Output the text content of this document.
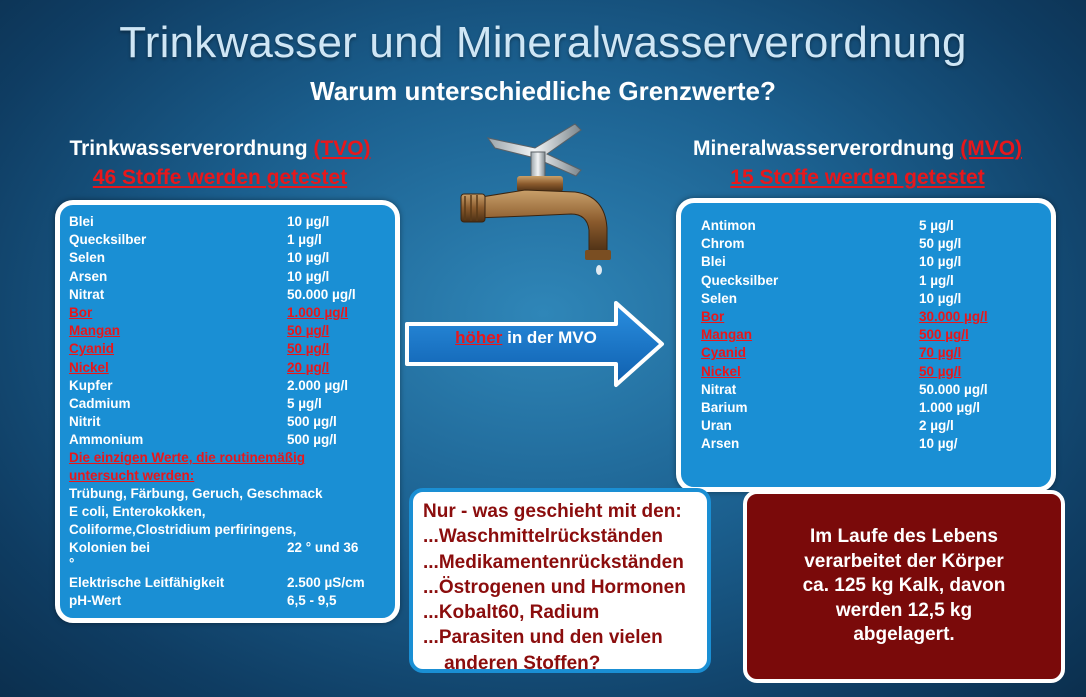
Trinkwasser und Mineralwasserverordnung
Warum unterschiedliche Grenzwerte?
Trinkwasserverordnung (TVO)
46 Stoffe werden getestet
Mineralwasserverordnung (MVO)
15 Stoffe werden getestet
Blei	10 µg/l
Quecksilber	1 µg/l
Selen	10 µg/l
Arsen	10 µg/l
Nitrat	50.000 µg/l
Bor	1.000 µg/l
Mangan	50 µg/l
Cyanid	50 µg/l
Nickel	20 µg/l
Kupfer	2.000 µg/l
Cadmium	5 µg/l
Nitrit	500 µg/l
Ammonium	500 µg/l
Die einzigen Werte, die routinemäßig
untersucht werden:
Trübung, Färbung, Geruch, Geschmack
E coli, Enterokokken,
Coliforme,Clostridium perfiringens,
Kolonien bei	22 ° und 36
°
Elektrische Leitfähigkeit	2.500 µS/cm
pH-Wert	6,5 - 9,5
Antimon	5 µg/l
Chrom	50 µg/l
Blei	10 µg/l
Quecksilber	1 µg/l
Selen	10 µg/l
Bor	30.000 µg/l
Mangan	500 µg/l
Cyanid	70 µg/l
Nickel	50 µg/l
Nitrat	50.000 µg/l
Barium	1.000 µg/l
Uran	2 µg/l
Arsen	10 µg/
höher in der MVO
Nur - was geschieht mit den:
...Waschmittelrückständen
...Medikamentenrückständen
...Östrogenen und Hormonen
...Kobalt60, Radium
...Parasiten und den vielen
anderen Stoffen?
Im Laufe des Lebens
verarbeitet der Körper
ca. 125 kg Kalk, davon
werden 12,5 kg
abgelagert.
